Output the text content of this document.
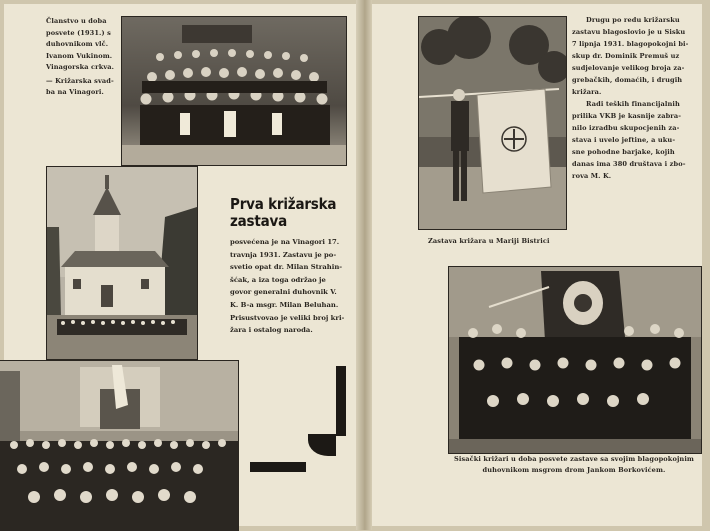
Članstvo u doba

posvete (1931.) s

duhovnikom vlč.

Ivanom Vukinom.

Vinagorska crkva.

— Križarska svad-

ba na Vinagori.

Prva križarska
zastava
posvećena je na Vinagori 17.
travnja 1931. Zastavu je po-
svetio opat dr. Milan Strahin-
šćak, a iza toga održao je
govor generalni duhovnik V.
K. B-a msgr. Milan Beluhan.
Prisustvovao je veliki broj kri-
žara i ostalog naroda.

Drugu po redu križarsku

zastavu blagoslovio je u Sisku

7 lipnja 1931. blagopokojni bi-

skup dr. Dominik Premuš uz

sudjelovanje velikog broja za-

grebačkih, domaćih, i drugih

križara.

Radi teških financijalnih

prilika VKB je kasnije zabra-

nilo izradbu skupocjenih za-

stava i uvelo jeftine, a uku-

sne pohodne barjake, kojih

danas ima 380 društava i zbo-

rova M. K.

Zastava križara u Mariji Bistrici
Sisački križari u doba posvete zastave sa svojim blagopokojnim
duhovnikom msgrom drom Jankom Borkovićem.
